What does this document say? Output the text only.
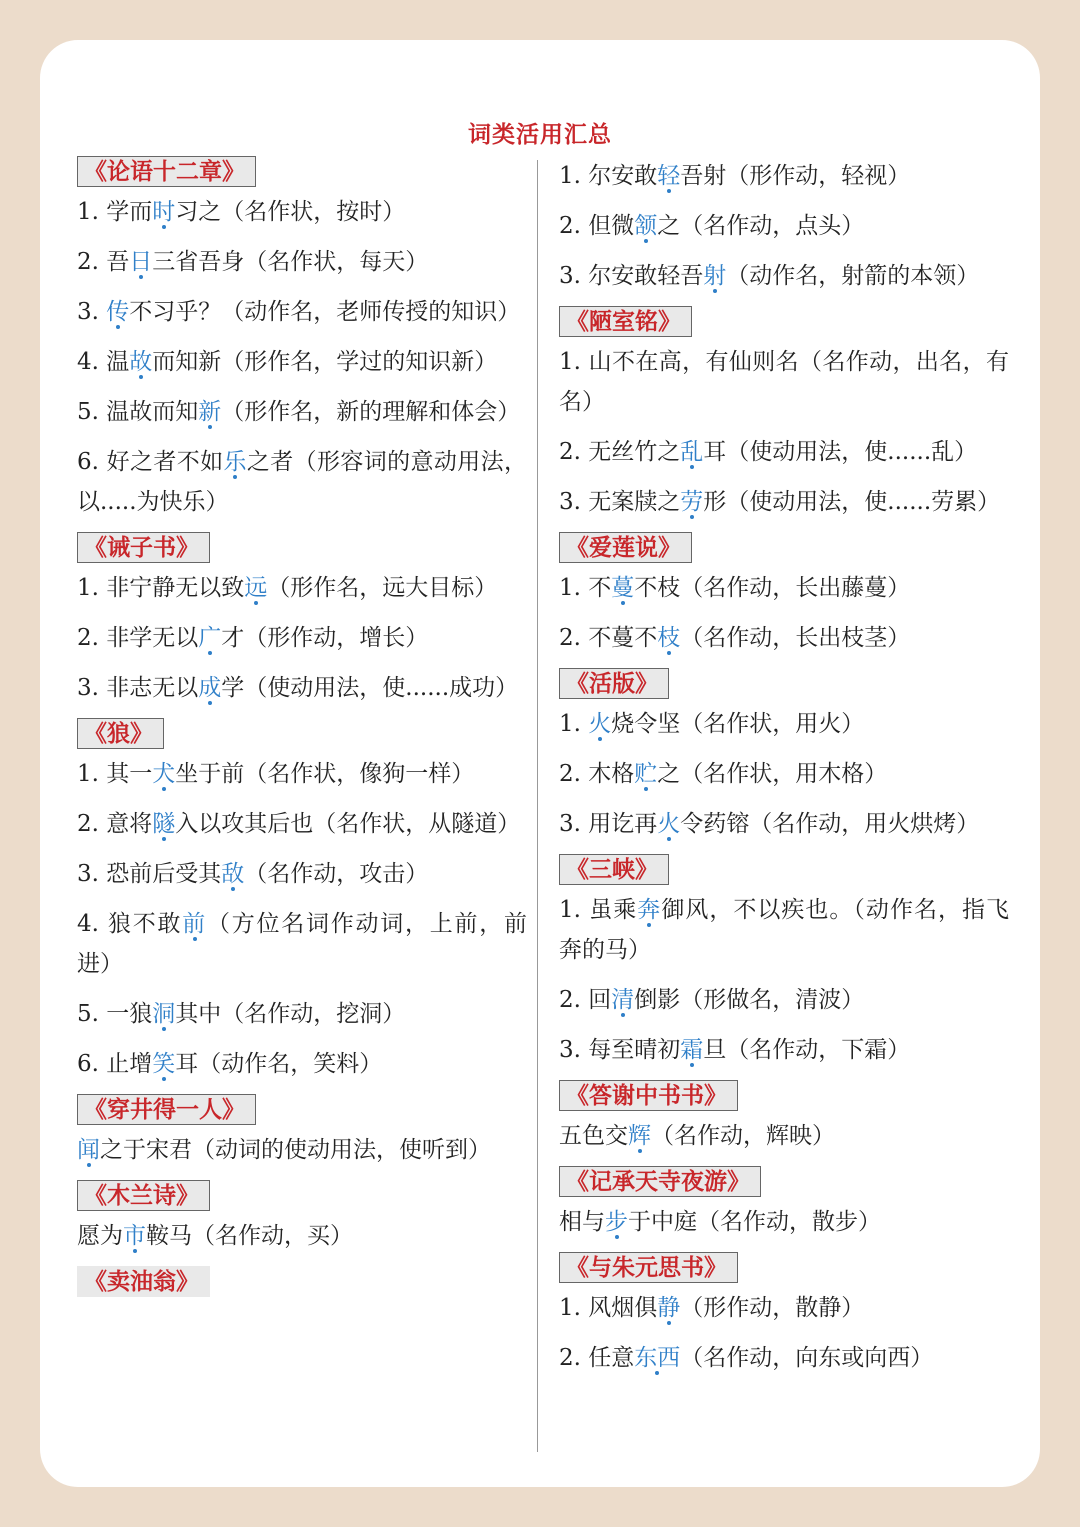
词类活用汇总
《论语十二章》
1. 学而时习之（名作状，按时）
2. 吾日三省吾身（名作状，每天）
3. 传不习乎？（动作名，老师传授的知识）
4. 温故而知新（形作名，学过的知识新）
5. 温故而知新（形作名，新的理解和体会）
6. 好之者不如乐之者（形容词的意动用法，以.....为快乐）
《诫子书》
1. 非宁静无以致远（形作名，远大目标）
2. 非学无以广才（形作动，增长）
3. 非志无以成学（使动用法，使......成功）
《狼》
1. 其一犬坐于前（名作状，像狗一样）
2. 意将隧入以攻其后也（名作状，从隧道）
3. 恐前后受其敌（名作动，攻击）
4. 狼不敢前（方位名词作动词，上前，前进）
5. 一狼洞其中（名作动，挖洞）
6. 止增笑耳（动作名，笑料）
《穿井得一人》
闻之于宋君（动词的使动用法，使听到）
《木兰诗》
愿为市鞍马（名作动，买）
《卖油翁》
1. 尔安敢轻吾射（形作动，轻视）
2. 但微颔之（名作动，点头）
3. 尔安敢轻吾射（动作名，射箭的本领）
《陋室铭》
1. 山不在高，有仙则名（名作动，出名，有名）
2. 无丝竹之乱耳（使动用法，使......乱）
3. 无案牍之劳形（使动用法，使......劳累）
《爱莲说》
1. 不蔓不枝（名作动，长出藤蔓）
2. 不蔓不枝（名作动，长出枝茎）
《活版》
1. 火烧令坚（名作状，用火）
2. 木格贮之（名作状，用木格）
3. 用讫再火令药镕（名作动，用火烘烤）
《三峡》
1. 虽乘奔御风，不以疾也。（动作名，指飞奔的马）
2. 回清倒影（形做名，清波）
3. 每至晴初霜旦（名作动，下霜）
《答谢中书书》
五色交辉（名作动，辉映）
《记承天寺夜游》
相与步于中庭（名作动，散步）
《与朱元思书》
1. 风烟俱静（形作动，散静）
2. 任意东西（名作动，向东或向西）
